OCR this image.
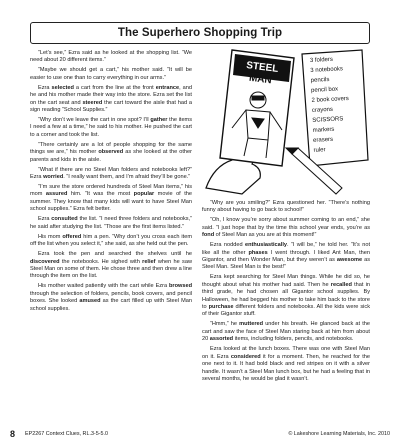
The Superhero Shopping Trip

“Let’s see,” Ezra said as he looked at the shopping list. “We need about 20 different items.”

“Maybe we should get a cart,” his mother said. “It will be easier to use one than to carry everything in our arms.”

Ezra selected a cart from the line at the front entrance, and he and his mother made their way into the store. Ezra set the list on the cart seat and steered the cart toward the aisle that had a sign reading “School Supplies.”

“Why don’t we leave the cart in one spot? I’ll gather the items I need a few at a time,” he said to his mother. He pushed the cart to a corner and took the list.

“There certainly are a lot of people shopping for the same things we are,” his mother observed as she looked at the other parents and kids in the aisle.

“What if there are no Steel Man folders and notebooks left?” Ezra worried. “I really want them, and I’m afraid they’ll be gone.”

“I’m sure the store ordered hundreds of Steel Man items,” his mom assured him. “It was the most popular movie of the summer. They know that many kids will want to have Steel Man school supplies.” Ezra felt better.

Ezra consulted the list. “I need three folders and notebooks,” he said after studying the list. “Those are the first items listed.”

His mom offered him a pen. “Why don’t you cross each item off the list when you select it,” she said, as she held out the pen.

Ezra took the pen and searched the shelves until he discovered the notebooks. He sighed with relief when he saw Steel Man on some of them. He chose three and then drew a line through the item on the list.

His mother waited patiently with the cart while Ezra browsed through the selection of folders, pencils, book covers, and pencil boxes. She looked amused as the cart filled up with Steel Man school supplies.

STEEL
MAN
3 folders
3 notebooks
pencils
pencil box
2 book covers
crayons
SCISSORS
markers
erasers
ruler

“Why are you smiling?” Ezra questioned her. “There’s nothing funny about having to go back to school!”

“Oh, I know you’re sorry about summer coming to an end,” she said. “I just hope that by the time this school year ends, you’re as fond of Steel Man as you are at this moment!”

Ezra nodded enthusiastically. “I will be,” he told her. “It’s not like all the other phases I went through. I liked Ant Man, then Gigantor, and then Wonder Man, but they weren’t as awesome as Steel Man. Steel Man is the best!”

Ezra kept searching for Steel Man things. While he did so, he thought about what his mother had said. Then he recalled that in third grade, he had chosen all Gigantor school supplies. By Halloween, he had begged his mother to take him back to the store to purchase different folders and notebooks. All the kids were sick of their Gigantor stuff.

“Hmm,” he muttered under his breath. He glanced back at the cart and saw the face of Steel Man staring back at him from about 20 assorted items, including folders, pencils, and notebooks.

Ezra looked at the lunch boxes. There was one with Steel Man on it. Ezra considered it for a moment. Then, he reached for the one next to it. It had bold black and red stripes on it with a silver handle. It wasn’t a Steel Man lunch box, but he had a feeling that in several months, he would be glad it wasn’t.

8 EP2267 Context Clues, RL.3-5-5.0	© Lakeshore Learning Materials, Inc. 2010
